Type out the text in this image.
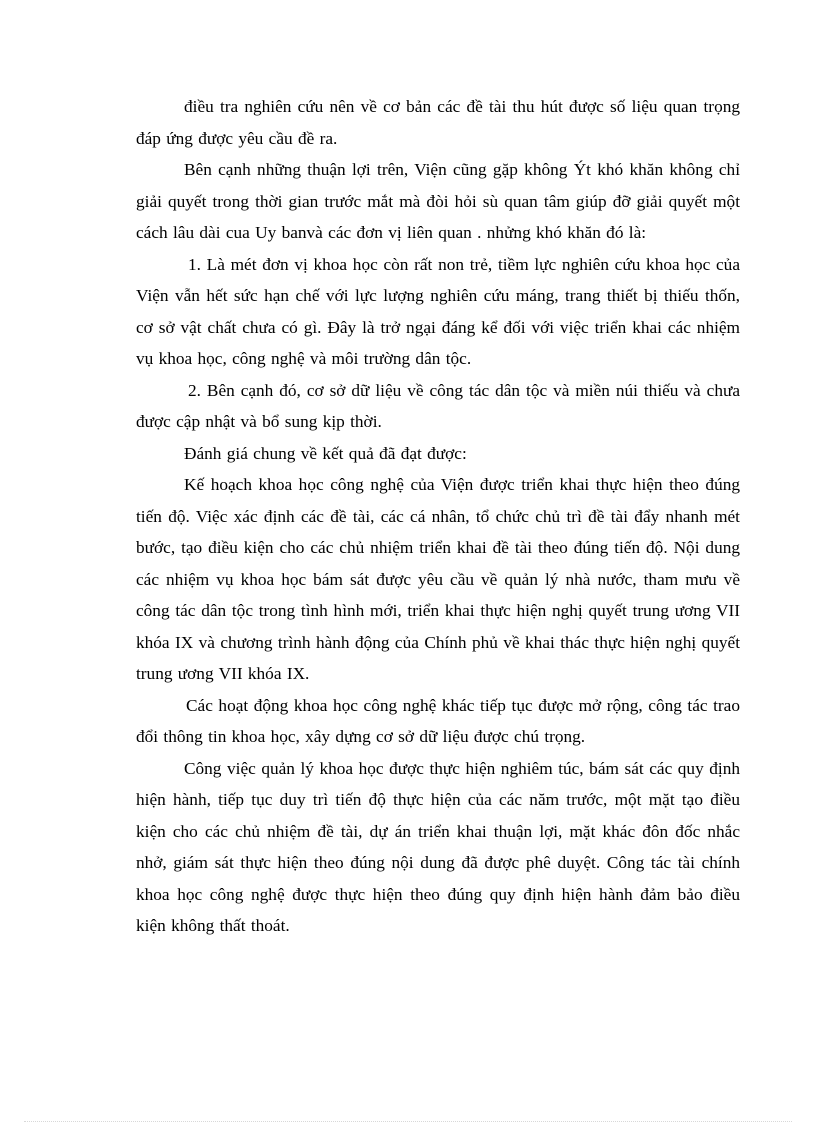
điều tra nghiên cứu nên về cơ bản các đề tài thu hút được số liệu quan trọng đáp ứng được yêu cầu đề ra.

Bên cạnh những thuận lợi trên, Viện cũng gặp không Ýt khó khăn không chỉ giải quyết trong thời gian trước mắt mà đòi hỏi sù quan tâm giúp đỡ giải quyết một cách lâu dài cua Uy banvà các đơn vị liên quan . nhửng khó khăn đó là:

1. Là mét đơn vị khoa học còn rất non trẻ, tiềm lực nghiên cứu khoa học của Viện vẫn hết sức hạn chế với lực lượng nghiên cứu máng, trang thiết bị thiếu thốn, cơ sở vật chất chưa có gì. Đây là trở ngại đáng kể đối với việc triển khai các nhiệm vụ khoa học, công nghệ và môi trường dân tộc.

2. Bên cạnh đó, cơ sở dữ liệu về công tác dân tộc và miền núi thiếu và chưa được cập nhật và bổ sung kịp thời.

Đánh giá chung về kết quả đã đạt được:

Kế hoạch khoa học công nghệ của Viện được triển khai thực hiện theo đúng tiến độ. Việc xác định các đề tài, các cá nhân, tổ chức chủ trì đề tài đẩy nhanh mét bước, tạo điều kiện cho các chủ nhiệm triển khai đề tài theo đúng tiến độ. Nội dung các nhiệm vụ khoa học bám sát được yêu cầu về quản lý nhà nước, tham mưu về công tác dân tộc trong tình hình mới, triển khai thực hiện nghị quyết trung ương VII khóa IX và chương trình hành động của Chính phủ về khai thác thực hiện nghị quyết trung ương VII khóa IX.

Các hoạt động khoa học công nghệ khác tiếp tục được mở rộng, công tác trao đổi thông tin khoa học, xây dựng cơ sở dữ liệu được chú trọng.

Công việc quản lý khoa học được thực hiện nghiêm túc, bám sát các quy định hiện hành, tiếp tục duy trì tiến độ thực hiện của các năm trước, một mặt tạo điều kiện cho các chủ nhiệm đề tài, dự án triển khai thuận lợi, mặt khác đôn đốc nhắc nhở, giám sát thực hiện theo đúng nội dung đã được phê duyệt. Công tác tài chính khoa học công nghệ được thực hiện theo đúng quy định hiện hành đảm bảo điều kiện không thất thoát.
